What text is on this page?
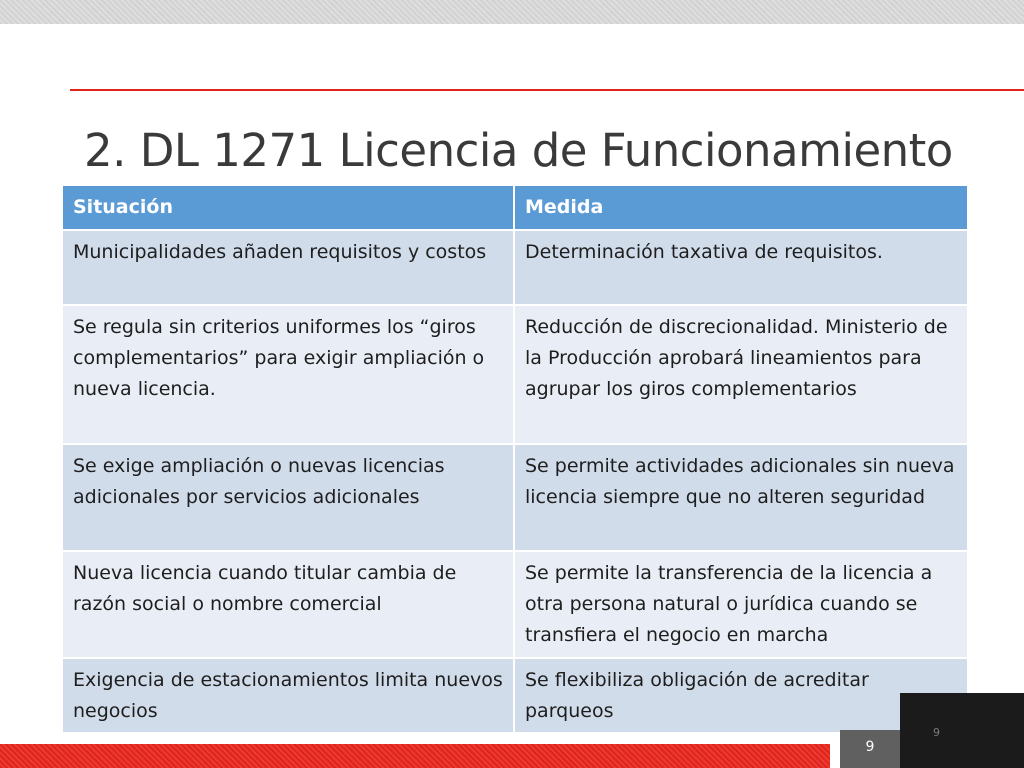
2. DL 1271 Licencia de Funcionamiento
Situación	Medida
Municipalidades añaden requisitos y costos	Determinación taxativa de requisitos.
Se regula sin criterios uniformes los “giros complementarios” para exigir ampliación o nueva licencia.
Reducción de discrecionalidad. Ministerio de la Producción aprobará lineamientos para agrupar los giros complementarios
Se exige ampliación o nuevas licencias adicionales por servicios adicionales
Se permite actividades adicionales sin nueva licencia siempre que no alteren seguridad
Nueva licencia cuando titular cambia de razón social o nombre comercial
Se permite la transferencia de la licencia a otra persona natural o jurídica cuando se transfiera el negocio en marcha
Exigencia de estacionamientos limita nuevos negocios
Se flexibiliza obligación de acreditar parqueos
9
9
